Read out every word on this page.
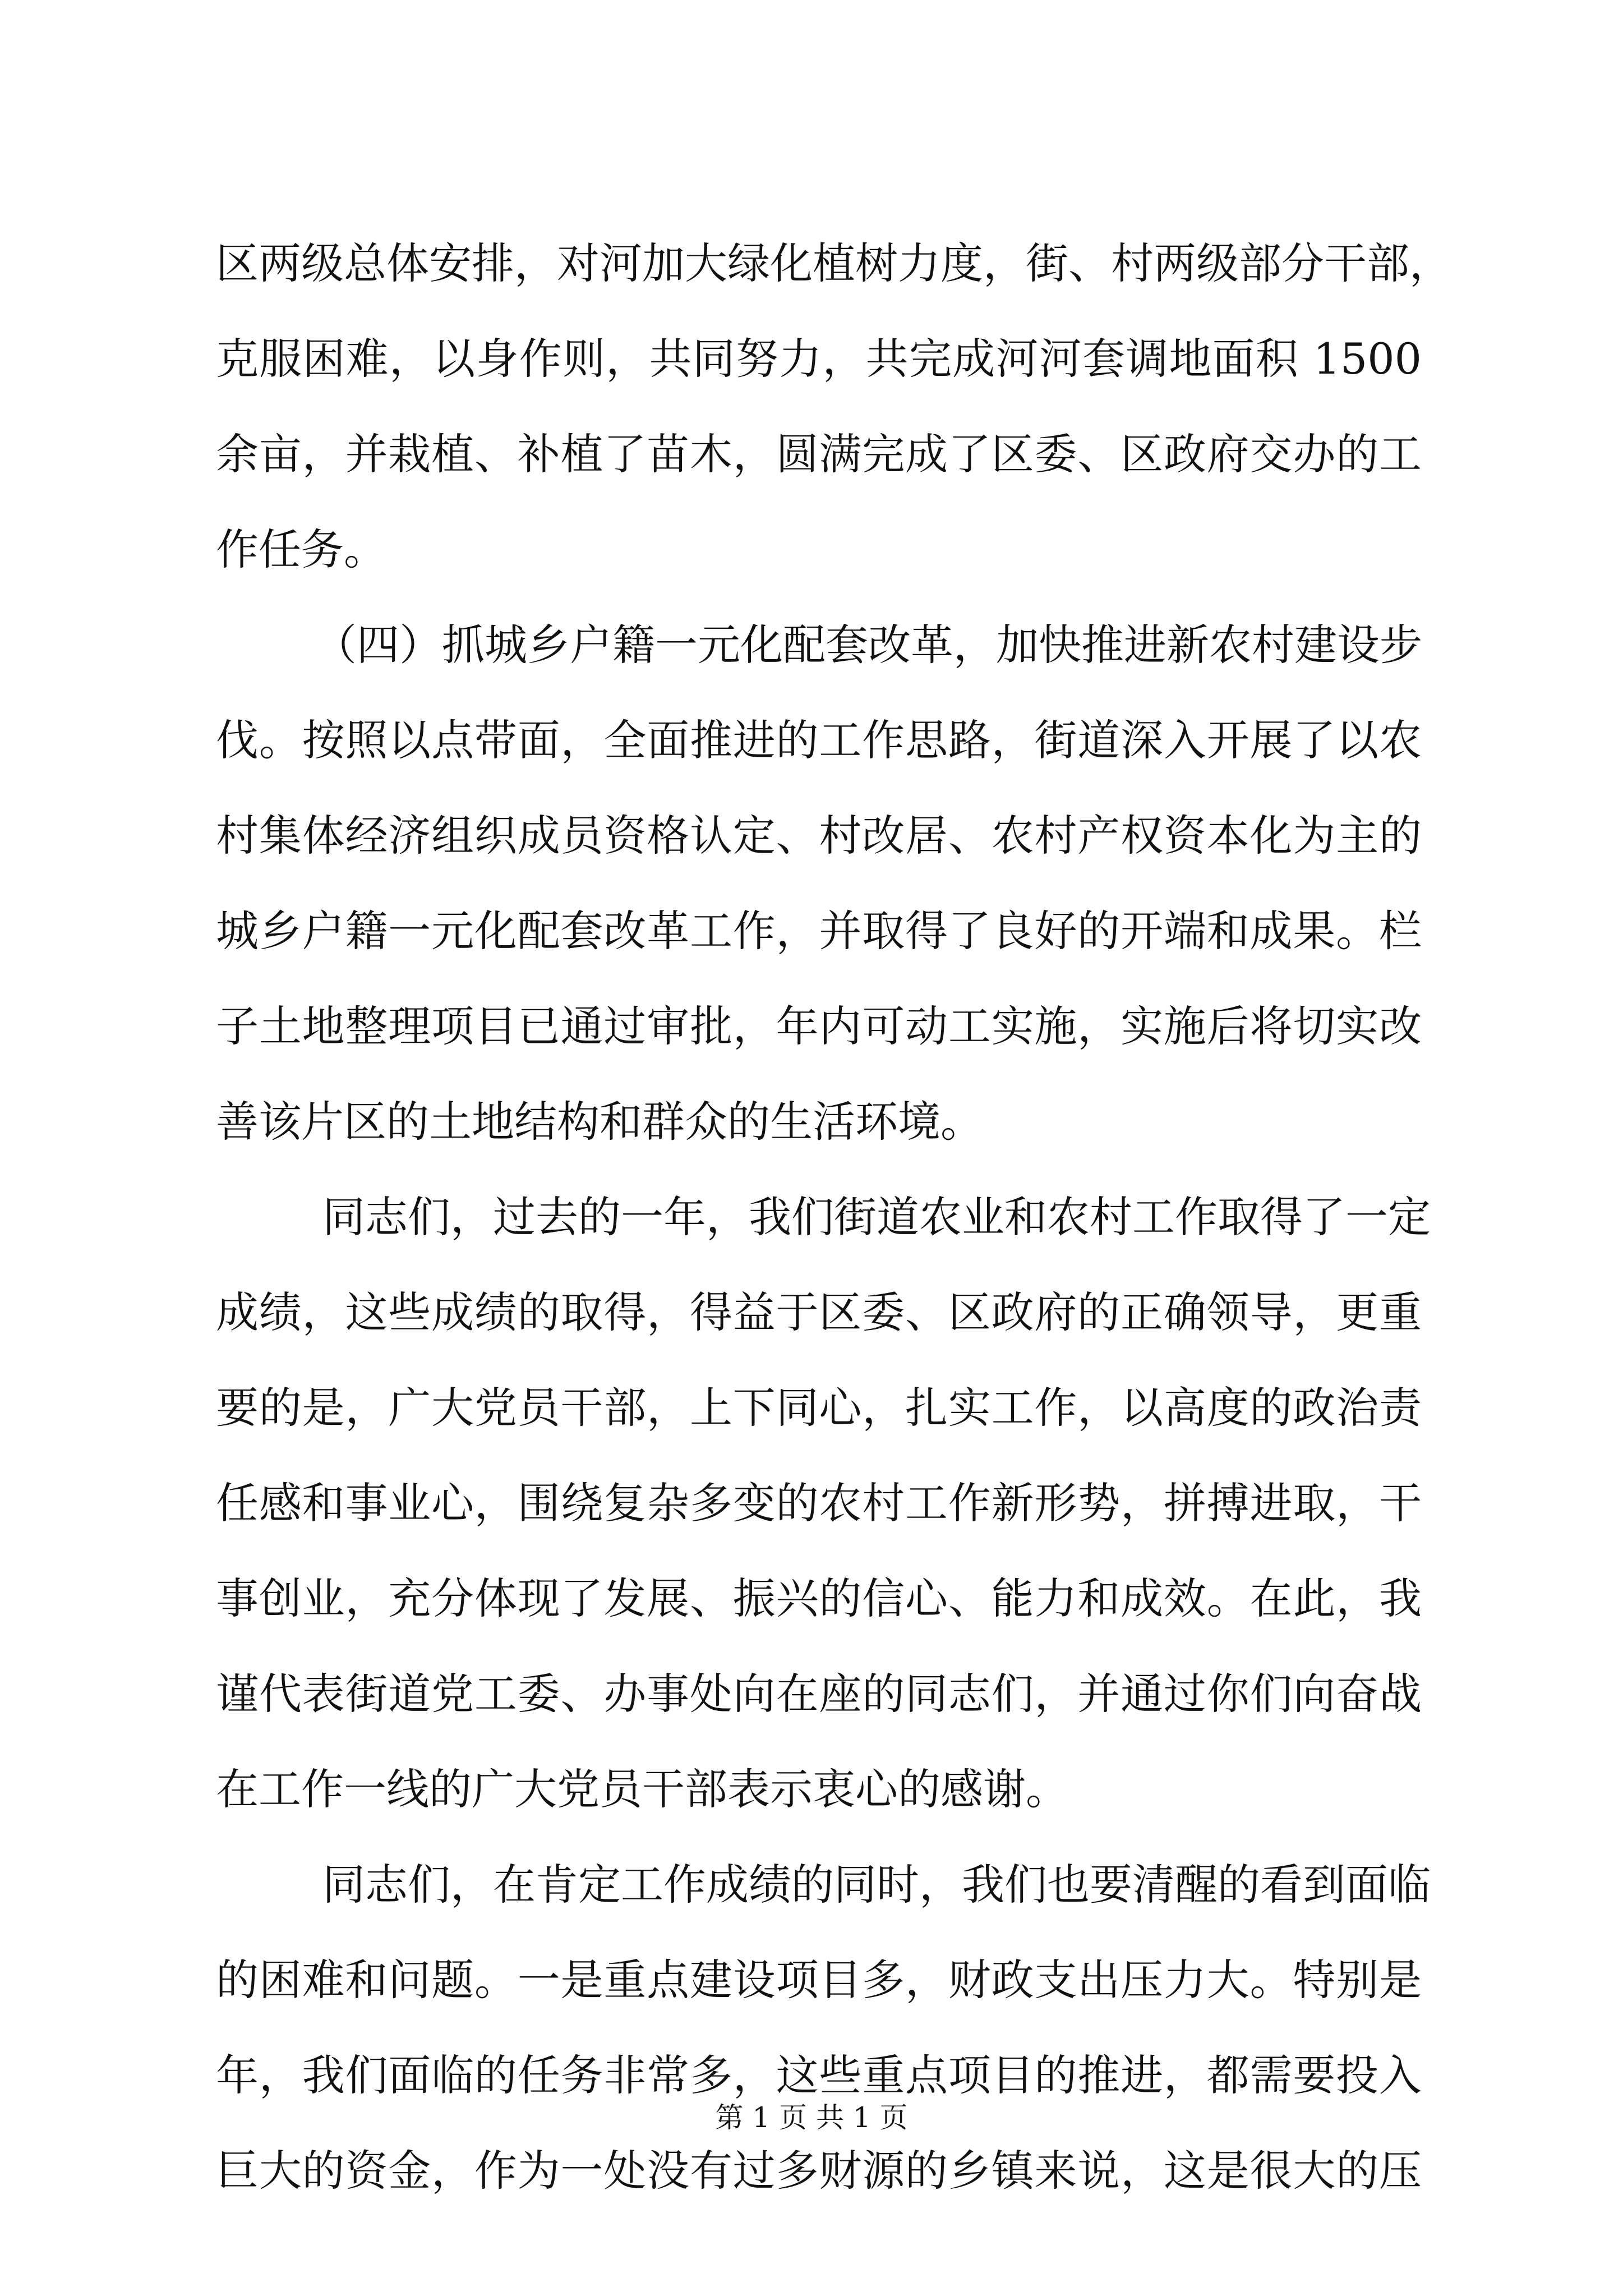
区两级总体安排，对河加大绿化植树力度，街、村两级部分干部，
克服困难，以身作则，共同努力，共完成河河套调地面积 1500
余亩，并栽植、补植了苗木，圆满完成了区委、区政府交办的工
作任务。
（四）抓城乡户籍一元化配套改革，加快推进新农村建设步
伐。按照以点带面，全面推进的工作思路，街道深入开展了以农
村集体经济组织成员资格认定、村改居、农村产权资本化为主的
城乡户籍一元化配套改革工作，并取得了良好的开端和成果。栏
子土地整理项目已通过审批，年内可动工实施，实施后将切实改
善该片区的土地结构和群众的生活环境。
同志们，过去的一年，我们街道农业和农村工作取得了一定
成绩，这些成绩的取得，得益于区委、区政府的正确领导，更重
要的是，广大党员干部，上下同心，扎实工作，以高度的政治责
任感和事业心，围绕复杂多变的农村工作新形势，拼搏进取，干
事创业，充分体现了发展、振兴的信心、能力和成效。在此，我
谨代表街道党工委、办事处向在座的同志们，并通过你们向奋战
在工作一线的广大党员干部表示衷心的感谢。
同志们，在肯定工作成绩的同时，我们也要清醒的看到面临
的困难和问题。一是重点建设项目多，财政支出压力大。特别是
年，我们面临的任务非常多，这些重点项目的推进，都需要投入
巨大的资金，作为一处没有过多财源的乡镇来说，这是很大的压
第 1 页 共 1 页
